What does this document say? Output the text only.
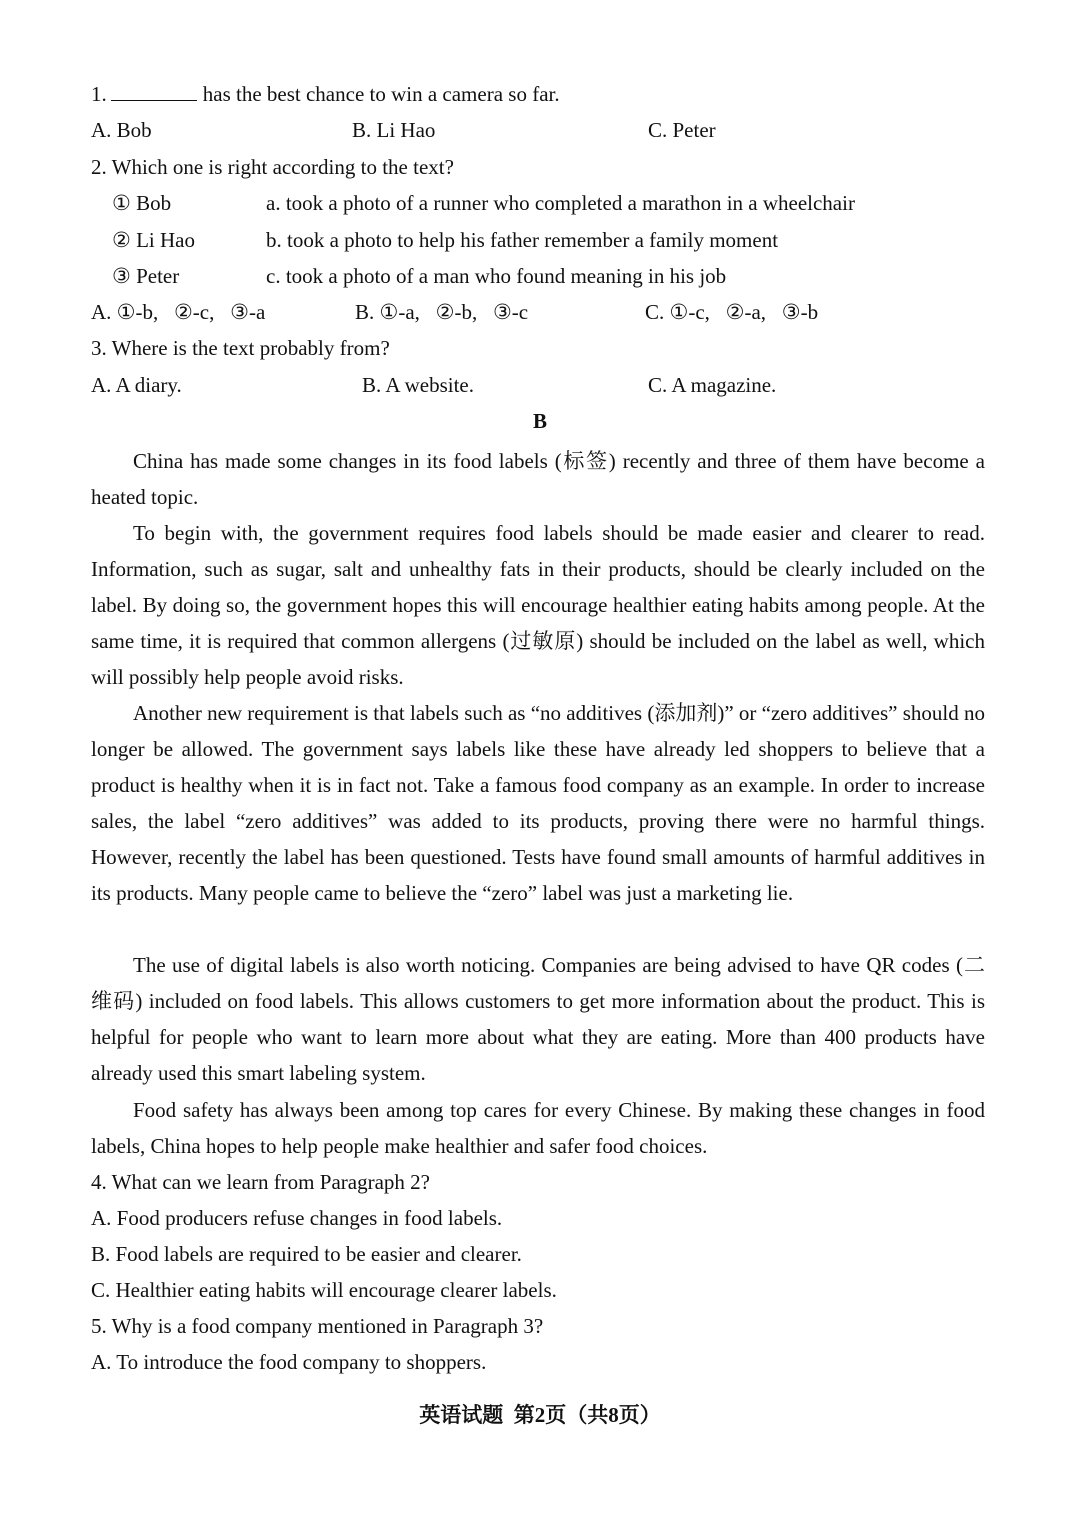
1.	has the best chance to win a camera so far.
A. Bob	B. Li Hao	C. Peter
2. Which one is right according to the text?
① Bob	a. took a photo of a runner who completed a marathon in a wheelchair
② Li Hao	b. took a photo to help his father remember a family moment
③ Peter	c. took a photo of a man who found meaning in his job
A. ①-b,   ②-c,   ③-a	B. ①-a,   ②-b,   ③-c	C. ①-c,   ②-a,   ③-b
3. Where is the text probably from?
A. A diary.	B. A website.	C. A magazine.
B

China has made some changes in its food labels (标签) recently and three of them have become a heated topic.

To begin with, the government requires food labels should be made easier and clearer to read. Information, such as sugar, salt and unhealthy fats in their products, should be clearly included on the label. By doing so, the government hopes this will encourage healthier eating habits among people. At the same time, it is required that common allergens (过敏原) should be included on the label as well, which will possibly help people avoid risks.

Another new requirement is that labels such as “no additives (添加剂)” or “zero additives” should no longer be allowed. The government says labels like these have already led shoppers to believe that a product is healthy when it is in fact not. Take a famous food company as an example. In order to increase sales, the label “zero additives” was added to its products, proving there were no harmful things. However, recently the label has been questioned. Tests have found small amounts of harmful additives in its products. Many people came to believe the “zero” label was just a marketing lie.

The use of digital labels is also worth noticing. Companies are being advised to have QR codes (二维码) included on food labels. This allows customers to get more information about the product. This is helpful for people who want to learn more about what they are eating. More than 400 products have already used this smart labeling system.

Food safety has always been among top cares for every Chinese. By making these changes in food labels, China hopes to help people make healthier and safer food choices.

4. What can we learn from Paragraph 2?
A. Food producers refuse changes in food labels.
B. Food labels are required to be easier and clearer.
C. Healthier eating habits will encourage clearer labels.
5. Why is a food company mentioned in Paragraph 3?
A. To introduce the food company to shoppers.
英语试题  第2页（共8页）
